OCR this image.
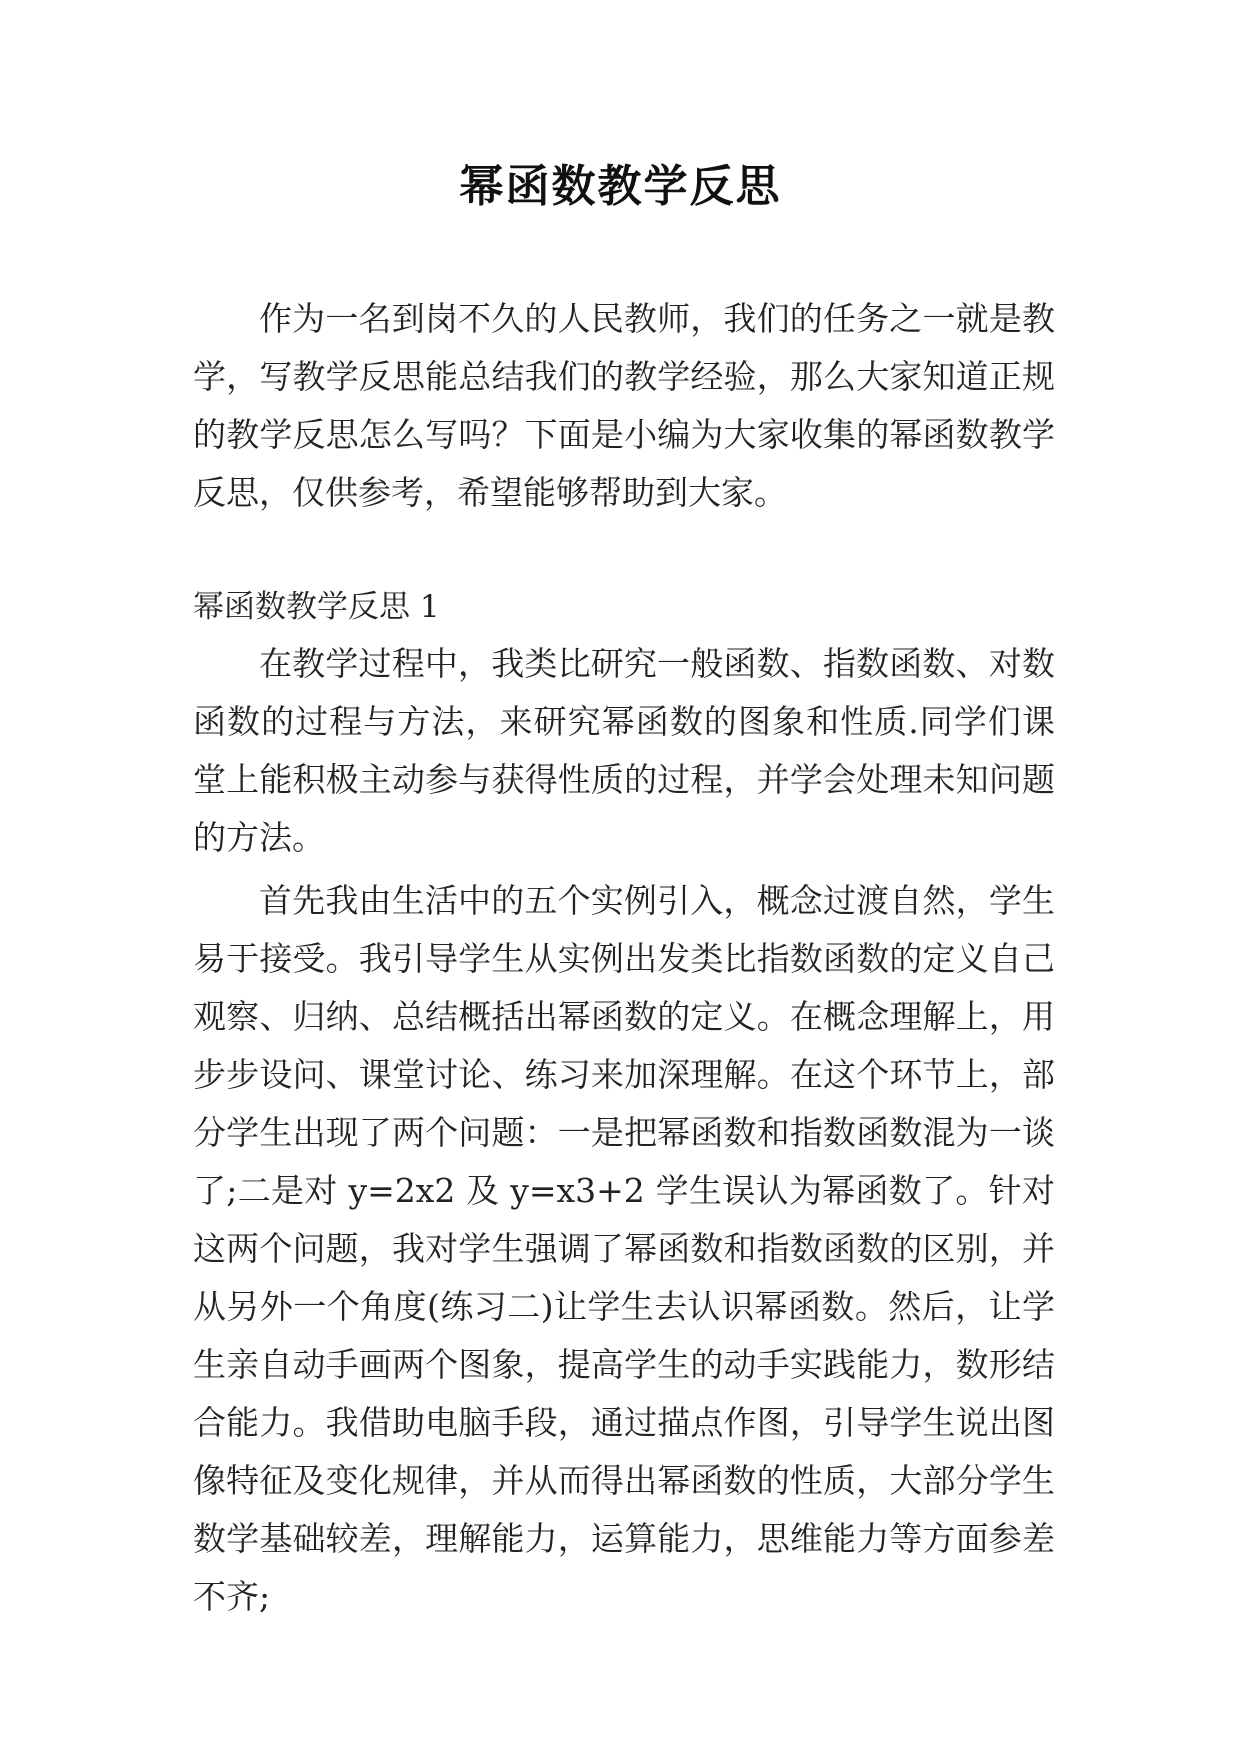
幂函数教学反思

作为一名到岗不久的人民教师，我们的任务之一就是教学，写教学反思能总结我们的教学经验，那么大家知道正规的教学反思怎么写吗？下面是小编为大家收集的幂函数教学反思，仅供参考，希望能够帮助到大家。

幂函数教学反思 1

在教学过程中，我类比研究一般函数、指数函数、对数函数的过程与方法，来研究幂函数的图象和性质.同学们课堂上能积极主动参与获得性质的过程，并学会处理未知问题的方法。

首先我由生活中的五个实例引入，概念过渡自然，学生易于接受。我引导学生从实例出发类比指数函数的定义自己观察、归纳、总结概括出幂函数的定义。在概念理解上，用步步设问、课堂讨论、练习来加深理解。在这个环节上，部分学生出现了两个问题：一是把幂函数和指数函数混为一谈了;二是对 y=2x2 及 y=x3+2 学生误认为幂函数了。针对这两个问题，我对学生强调了幂函数和指数函数的区别，并从另外一个角度(练习二)让学生去认识幂函数。然后，让学生亲自动手画两个图象，提高学生的动手实践能力，数形结合能力。我借助电脑手段，通过描点作图，引导学生说出图像特征及变化规律，并从而得出幂函数的性质，大部分学生数学基础较差，理解能力，运算能力，思维能力等方面参差不齐;
